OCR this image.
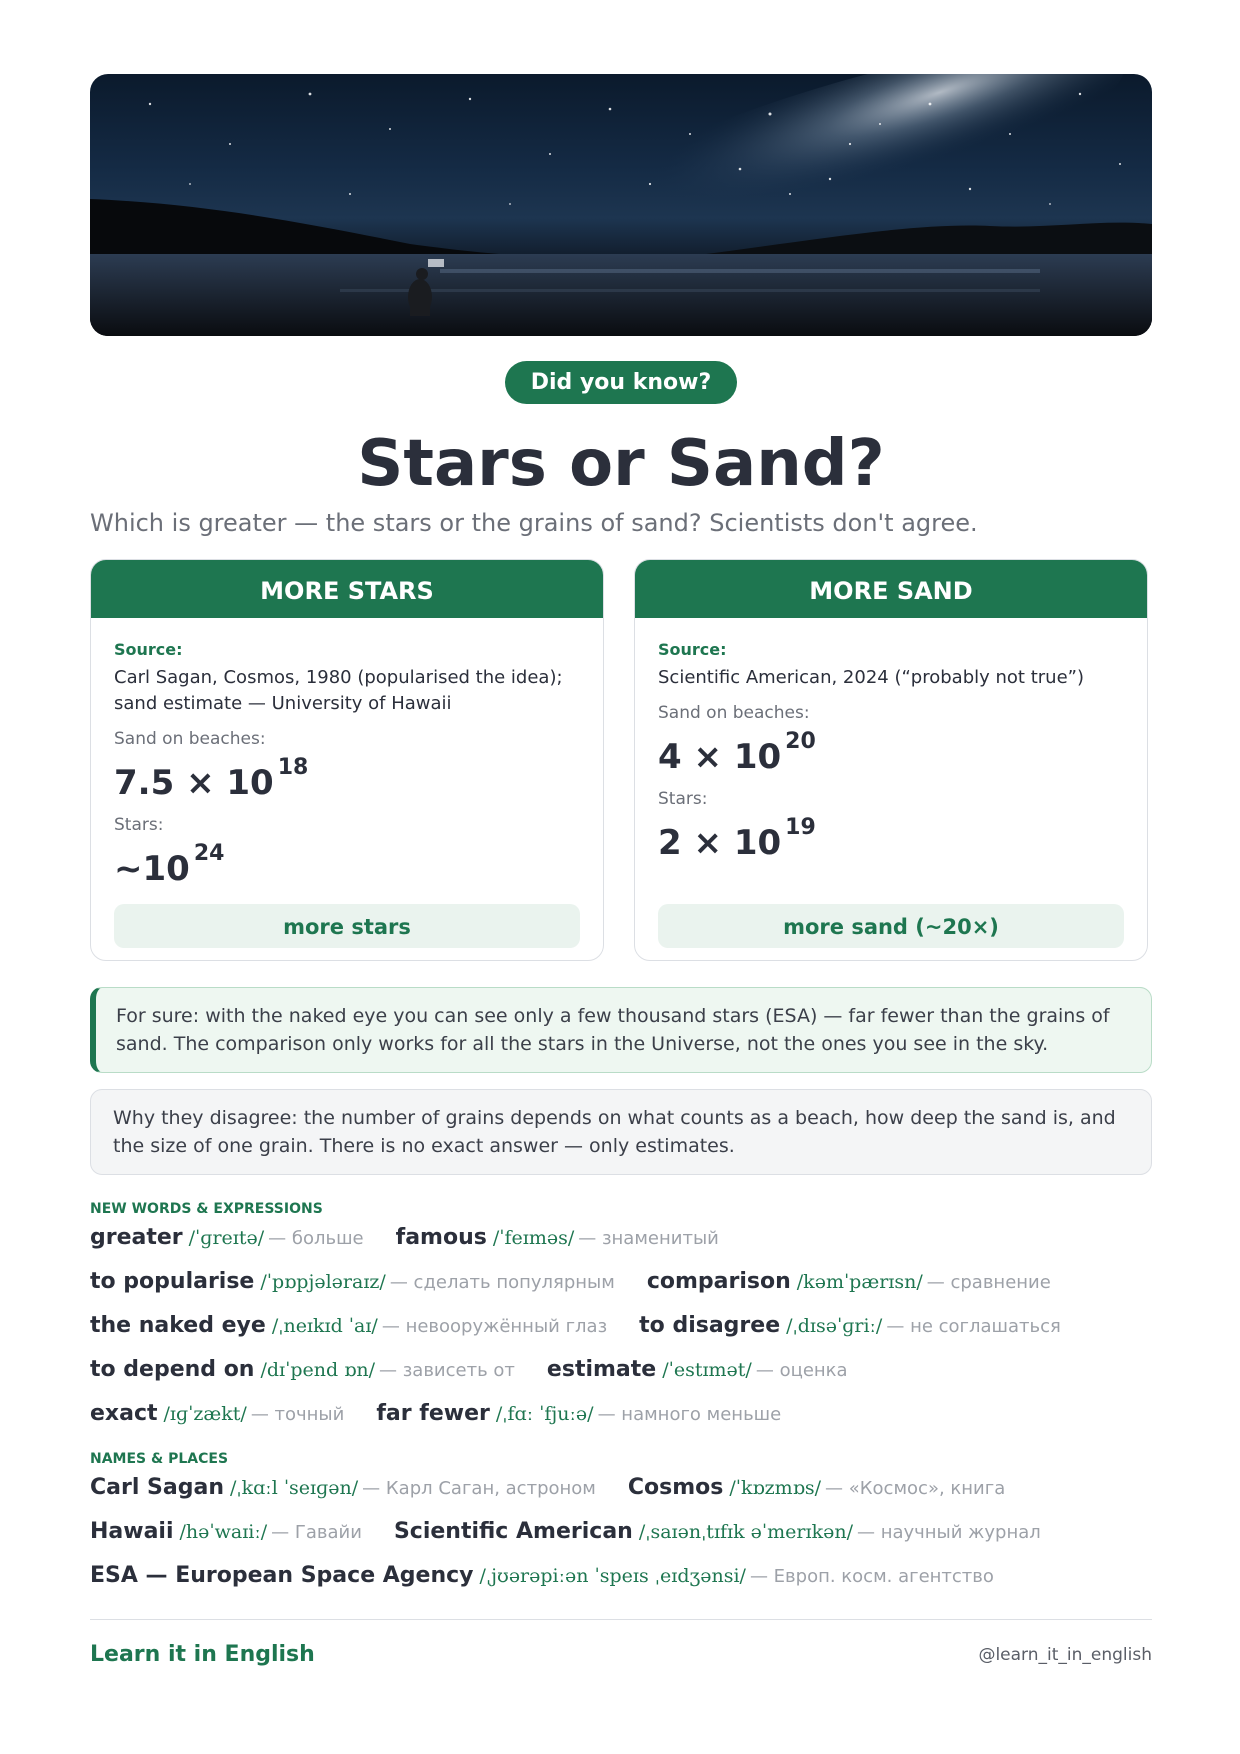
Did you know?
Stars or Sand?
Which is greater — the stars or the grains of sand? Scientists don't agree.
MORE STARS
Source:
Carl Sagan, Cosmos, 1980 (popularised the idea);
sand estimate — University of Hawaii
Sand on beaches:
7.5 × 10 $^{18}$
Stars:
~10 $^{24}$
more stars
MORE SAND
Source:
Scientific American, 2024 (“probably not true”)
Sand on beaches:
4 × 10 $^{20}$
Stars:
2 × 10 $^{19}$
more sand (~20×)
For sure: with the naked eye you can see only a few thousand stars (ESA) — far fewer than the grains of
sand. The comparison only works for all the stars in the Universe, not the ones you see in the sky.
Why they disagree: the number of grains depends on what counts as a beach, how deep the sand is, and
the size of one grain. There is no exact answer — only estimates.
NEW WORDS & EXPRESSIONS
greater /ˈɡreɪtə/ — больше famous /ˈfeɪməs/ — знаменитый
to popularise /ˈpɒpjələraɪz/ — сделать популярным comparison /kəmˈpærɪsn/ — сравнение
the naked eye /ˌneɪkɪd ˈaɪ/ — невооружённый глаз to disagree /ˌdɪsəˈɡriː/ — не соглашаться
to depend on /dɪˈpend ɒn/ — зависеть от estimate /ˈestɪmət/ — оценка
exact /ɪɡˈzækt/ — точный far fewer /ˌfɑː ˈfjuːə/ — намного меньше
NAMES & PLACES
Carl Sagan /ˌkɑːl ˈseɪɡən/ — Карл Саган, астроном Cosmos /ˈkɒzmɒs/ — «Космос», книга
Hawaii /həˈwaɪiː/ — Гавайи Scientific American /ˌsaɪənˌtɪfɪk əˈmerɪkən/ — научный журнал
ESA — European Space Agency /ˌjʊərəpiːən ˈspeɪs ˌeɪdʒənsi/ — Европ. косм. агентство
Learn it in English	@learn_it_in_english
